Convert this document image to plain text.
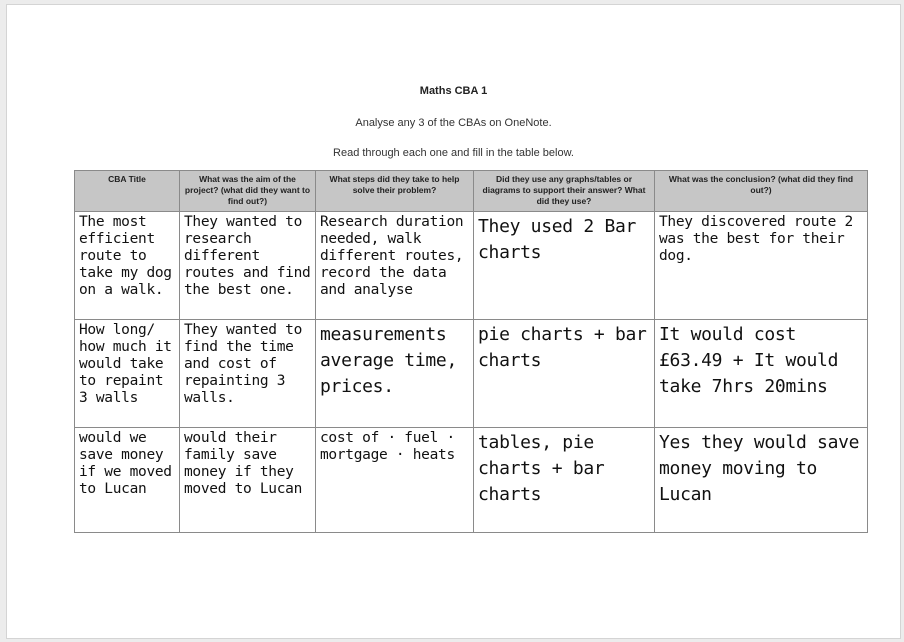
Maths CBA 1
Analyse any 3 of the CBAs on OneNote.
Read through each one and fill in the table below.
CBA Title	What was the aim of the project? (what did they want to find out?)	What steps did they take to help solve their problem?	Did they use any graphs/tables or diagrams to support their answer? What did they use?	What was the conclusion? (what did they find out?)
The most efficient route to take my dog on a walk.	They wanted to research different routes and find the best one.	Research duration needed, walk different routes, record the data and analyse	They used 2 Bar charts	They discovered route 2 was the best for their dog.
How long/ how much it would take to repaint 3 walls	They wanted to find the time and cost of repainting 3 walls.	measurements average time, prices.	pie charts + bar charts	It would cost £63.49 + It would take 7hrs 20mins
would we save money if we moved to Lucan	would their family save money if they moved to Lucan	cost of · fuel · mortgage · heats	tables, pie charts + bar charts	Yes they would save money moving to Lucan
